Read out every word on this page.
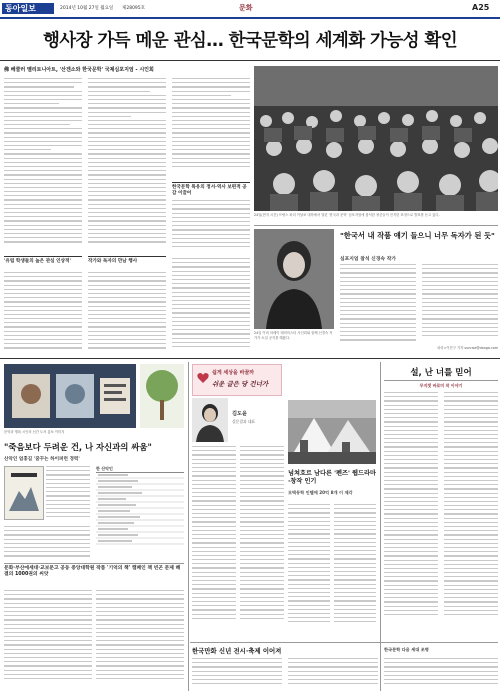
동아일보	2014년 10월 27일 월요일 제28095호	문화	A25
행사장 가득 메운 관심… 한국문학의 세계화 가능성 확인
佛 베쿨러 멜리토니아트, '산겐소와 한국문학' 국제심포지엄 - 시인회
한국문학 특유의 정서·역사 보편적 공감 이끌어
24일(현지 시간) 프랑스 파리 이날코 대학에서 열린 '한국과 문학' 심포지엄에 참석한 청중들이 진지한 표정으로 발표를 듣고 있다.
'유럽 학생들의 높은 관심 인상적'	작가와 독자의 만남 행사
24일 이비 마메이 레비미스터 사인회와 함께 신경숙 작가가 소설 공지를 해왔다.
"한국서 내 작품 얘기 들으니 너무 독자가 된 듯"
심포지엄 참석 신경숙 작가
파리=이진구 기자 sunrise@donga.com
문학과 행복 시인의 신간 도서 홍보 이미지
"죽음보다 두려운 건, 나 자신과의 싸움"
산악인 엄홍길 '꿈꾸는 하이퍼런 경력'
한 산악인
문화·부산에세대·교보문고 공동 중앙대학원 작품 '기억의 책' 캠페인 책 빈곤 문제 해결의 1000권의 씨앗
쉽게 세상을 바꿀까
쉬운 글은 당 건너가
김도윤
설문결과 대표
넘쳐흐르 남다른 '펜즈' 웹드라마·창작 인기
모택동학 인텔에 20억 8개 이 제각
설, 난 너를 믿어
무지갯 바로미 작 이야기
한국만화 신년 전시·축제 이어져	한국문학 다음 세대 조명
